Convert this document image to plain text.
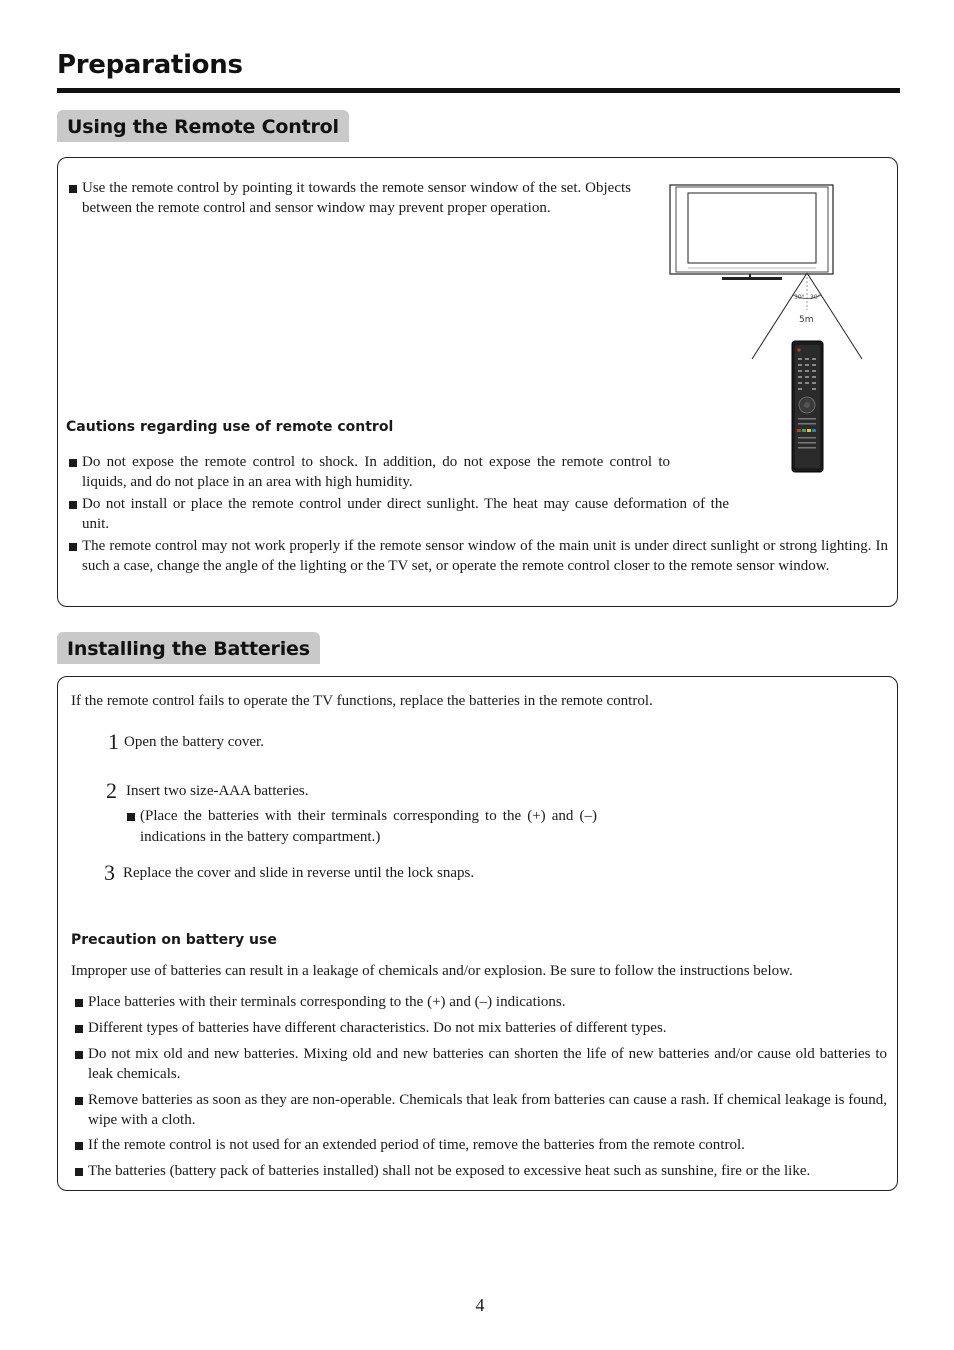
Preparations
Using the Remote Control
Use the remote control by pointing it towards the remote sensor window of the set. Objects between the remote control and sensor window may prevent proper operation.
30° 30°
5m
Cautions regarding use of remote control
Do not expose the remote control to shock. In addition, do not expose the remote control to liquids, and do not place in an area with high humidity.
Do not install or place the remote control under direct sunlight. The heat may cause deformation of the unit.
The remote control may not work properly if the remote sensor window of the main unit is under direct sunlight or strong lighting. In such a case, change the angle of the lighting or the TV set, or operate the remote control closer to the remote sensor window.
Installing the Batteries
If the remote control fails to operate the TV functions, replace the batteries in the remote control.
1 Open the battery cover.
2 Insert two size-AAA batteries.
(Place the batteries with their terminals corresponding to the (+) and (–) indications in the battery compartment.)
3 Replace the cover and slide in reverse until the lock snaps.
Precaution on battery use
Improper use of batteries can result in a leakage of chemicals and/or explosion. Be sure to follow the instructions below.
Place batteries with their terminals corresponding to the (+) and (–) indications.
Different types of batteries have different characteristics. Do not mix batteries of different types.
Do not mix old and new batteries. Mixing old and new batteries can shorten the life of new batteries and/or cause old batteries to leak chemicals.
Remove batteries as soon as they are non-operable. Chemicals that leak from batteries can cause a rash. If chemical leakage is found, wipe with a cloth.
If the remote control is not used for an extended period of time, remove the batteries from the remote control.
The batteries (battery pack of batteries installed) shall not be exposed to excessive heat such as sunshine, fire or the like.
4
